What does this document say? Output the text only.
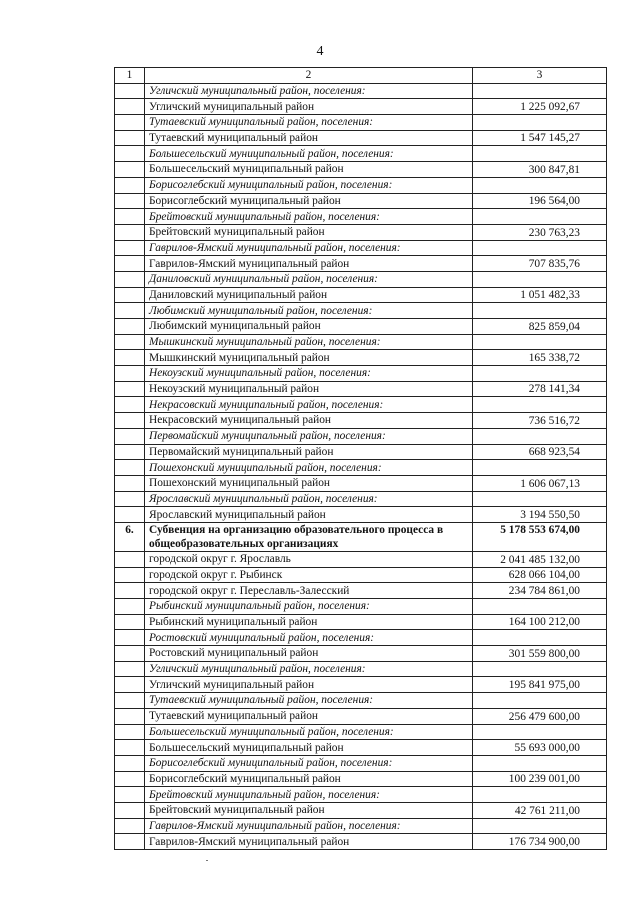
4
1	2	3
	Угличский муниципальный район, поселения:	
	Угличский муниципальный район	1 225 092,67
	Тутаевский муниципальный район, поселения:	
	Тутаевский муниципальный район	1 547 145,27
	Большесельский муниципальный район, поселения:	
	Большесельский муниципальный район	300 847,81
	Борисоглебский муниципальный район, поселения:	
	Борисоглебский муниципальный район	196 564,00
	Брейтовский муниципальный район, поселения:	
	Брейтовский муниципальный район	230 763,23
	Гаврилов-Ямский муниципальный район, поселения:	
	Гаврилов-Ямский муниципальный район	707 835,76
	Даниловский муниципальный район, поселения:	
	Даниловский муниципальный район	1 051 482,33
	Любимский муниципальный район, поселения:	
	Любимский муниципальный район	825 859,04
	Мышкинский муниципальный район, поселения:	
	Мышкинский муниципальный район	165 338,72
	Некоузский муниципальный район, поселения:	
	Некоузский муниципальный район	278 141,34
	Некрасовский муниципальный район, поселения:	
	Некрасовский муниципальный район	736 516,72
	Первомайский муниципальный район, поселения:	
	Первомайский муниципальный район	668 923,54
	Пошехонский муниципальный район, поселения:	
	Пошехонский муниципальный район	1 606 067,13
	Ярославский муниципальный район, поселения:	
	Ярославский муниципальный район	3 194 550,50
6.	Субвенция на организацию образовательного процесса в общеобразовательных организациях	5 178 553 674,00
	городской округ г. Ярославль	2 041 485 132,00
	городской округ г. Рыбинск	628 066 104,00
	городской округ г. Переславль-Залесский	234 784 861,00
	Рыбинский муниципальный район, поселения:	
	Рыбинский муниципальный район	164 100 212,00
	Ростовский муниципальный район, поселения:	
	Ростовский муниципальный район	301 559 800,00
	Угличский муниципальный район, поселения:	
	Угличский муниципальный район	195 841 975,00
	Тутаевский муниципальный район, поселения:	
	Тутаевский муниципальный район	256 479 600,00
	Большесельский муниципальный район, поселения:	
	Большесельский муниципальный район	55 693 000,00
	Борисоглебский муниципальный район, поселения:	
	Борисоглебский муниципальный район	100 239 001,00
	Брейтовский муниципальный район, поселения:	
	Брейтовский муниципальный район	42 761 211,00
	Гаврилов-Ямский муниципальный район, поселения:	
	Гаврилов-Ямский муниципальный район	176 734 900,00
